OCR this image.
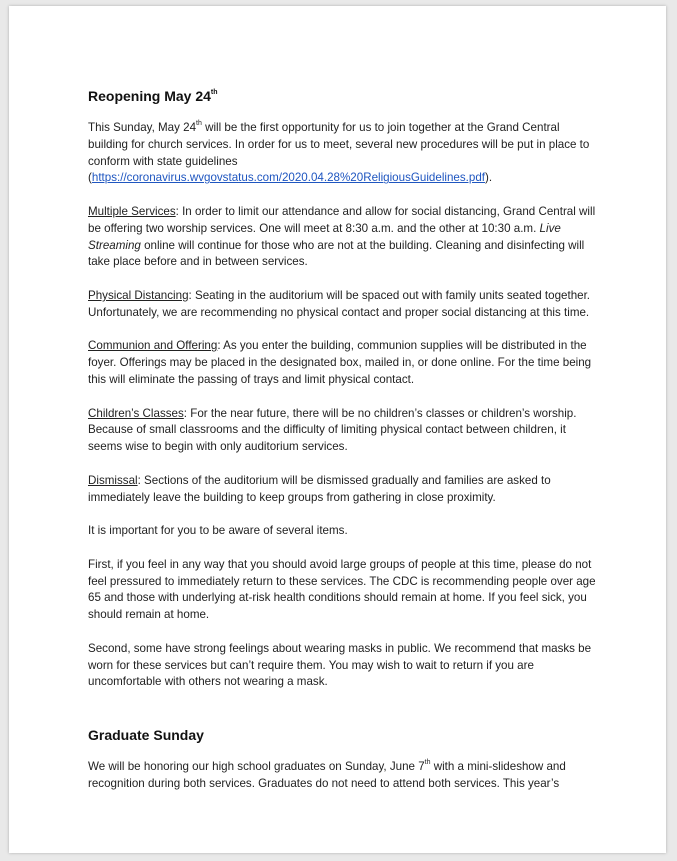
Reopening May 24th

This Sunday, May 24th will be the first opportunity for us to join together at the Grand Central building for church services. In order for us to meet, several new procedures will be put in place to conform with state guidelines
(https://coronavirus.wvgovstatus.com/2020.04.28%20ReligiousGuidelines.pdf).

Multiple Services: In order to limit our attendance and allow for social distancing, Grand Central will be offering two worship services. One will meet at 8:30 a.m. and the other at 10:30 a.m. Live Streaming online will continue for those who are not at the building. Cleaning and disinfecting will take place before and in between services.

Physical Distancing: Seating in the auditorium will be spaced out with family units seated together. Unfortunately, we are recommending no physical contact and proper social distancing at this time.

Communion and Offering: As you enter the building, communion supplies will be distributed in the foyer. Offerings may be placed in the designated box, mailed in, or done online. For the time being this will eliminate the passing of trays and limit physical contact.

Children’s Classes: For the near future, there will be no children’s classes or children’s worship. Because of small classrooms and the difficulty of limiting physical contact between children, it seems wise to begin with only auditorium services.

Dismissal: Sections of the auditorium will be dismissed gradually and families are asked to immediately leave the building to keep groups from gathering in close proximity.

It is important for you to be aware of several items.

First, if you feel in any way that you should avoid large groups of people at this time, please do not feel pressured to immediately return to these services. The CDC is recommending people over age 65 and those with underlying at-risk health conditions should remain at home. If you feel sick, you should remain at home.

Second, some have strong feelings about wearing masks in public. We recommend that masks be worn for these services but can’t require them. You may wish to wait to return if you are uncomfortable with others not wearing a mask.

Graduate Sunday

We will be honoring our high school graduates on Sunday, June 7th with a mini-slideshow and recognition during both services. Graduates do not need to attend both services. This year’s
